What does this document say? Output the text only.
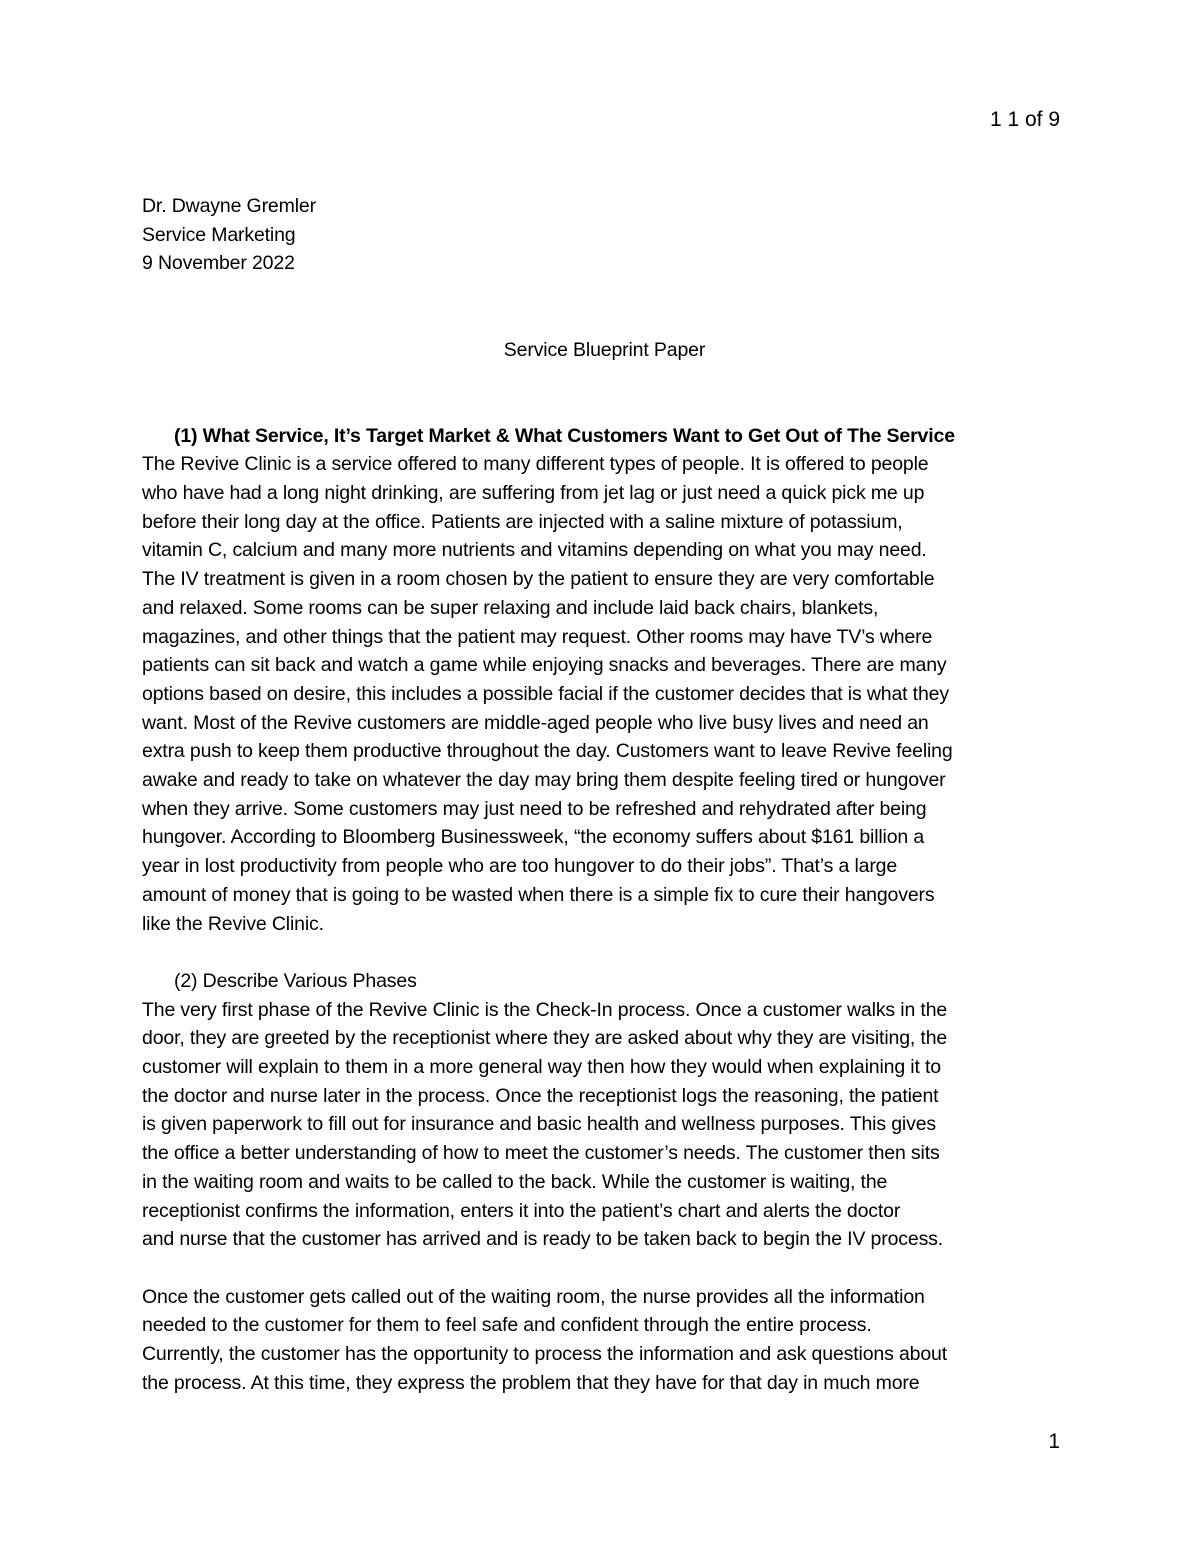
1 1 of 9
Dr. Dwayne Gremler
Service Marketing
9 November 2022
Service Blueprint Paper
(1) What Service, It’s Target Market & What Customers Want to Get Out of The Service
The Revive Clinic is a service offered to many different types of people. It is offered to people
who have had a long night drinking, are suffering from jet lag or just need a quick pick me up
before their long day at the office. Patients are injected with a saline mixture of potassium,
vitamin C, calcium and many more nutrients and vitamins depending on what you may need.
The IV treatment is given in a room chosen by the patient to ensure they are very comfortable
and relaxed. Some rooms can be super relaxing and include laid back chairs, blankets,
magazines, and other things that the patient may request. Other rooms may have TV’s where
patients can sit back and watch a game while enjoying snacks and beverages. There are many
options based on desire, this includes a possible facial if the customer decides that is what they
want. Most of the Revive customers are middle-aged people who live busy lives and need an
extra push to keep them productive throughout the day. Customers want to leave Revive feeling
awake and ready to take on whatever the day may bring them despite feeling tired or hungover
when they arrive. Some customers may just need to be refreshed and rehydrated after being
hungover. According to Bloomberg Businessweek, “the economy suffers about $161 billion a
year in lost productivity from people who are too hungover to do their jobs”. That’s a large
amount of money that is going to be wasted when there is a simple fix to cure their hangovers
like the Revive Clinic.
(2) Describe Various Phases
The very first phase of the Revive Clinic is the Check-In process. Once a customer walks in the
door, they are greeted by the receptionist where they are asked about why they are visiting, the
customer will explain to them in a more general way then how they would when explaining it to
the doctor and nurse later in the process. Once the receptionist logs the reasoning, the patient
is given paperwork to fill out for insurance and basic health and wellness purposes. This gives
the office a better understanding of how to meet the customer’s needs. The customer then sits
in the waiting room and waits to be called to the back. While the customer is waiting, the
receptionist confirms the information, enters it into the patient’s chart and alerts the doctor
and nurse that the customer has arrived and is ready to be taken back to begin the IV process.
Once the customer gets called out of the waiting room, the nurse provides all the information
needed to the customer for them to feel safe and confident through the entire process.
Currently, the customer has the opportunity to process the information and ask questions about
the process. At this time, they express the problem that they have for that day in much more
1
